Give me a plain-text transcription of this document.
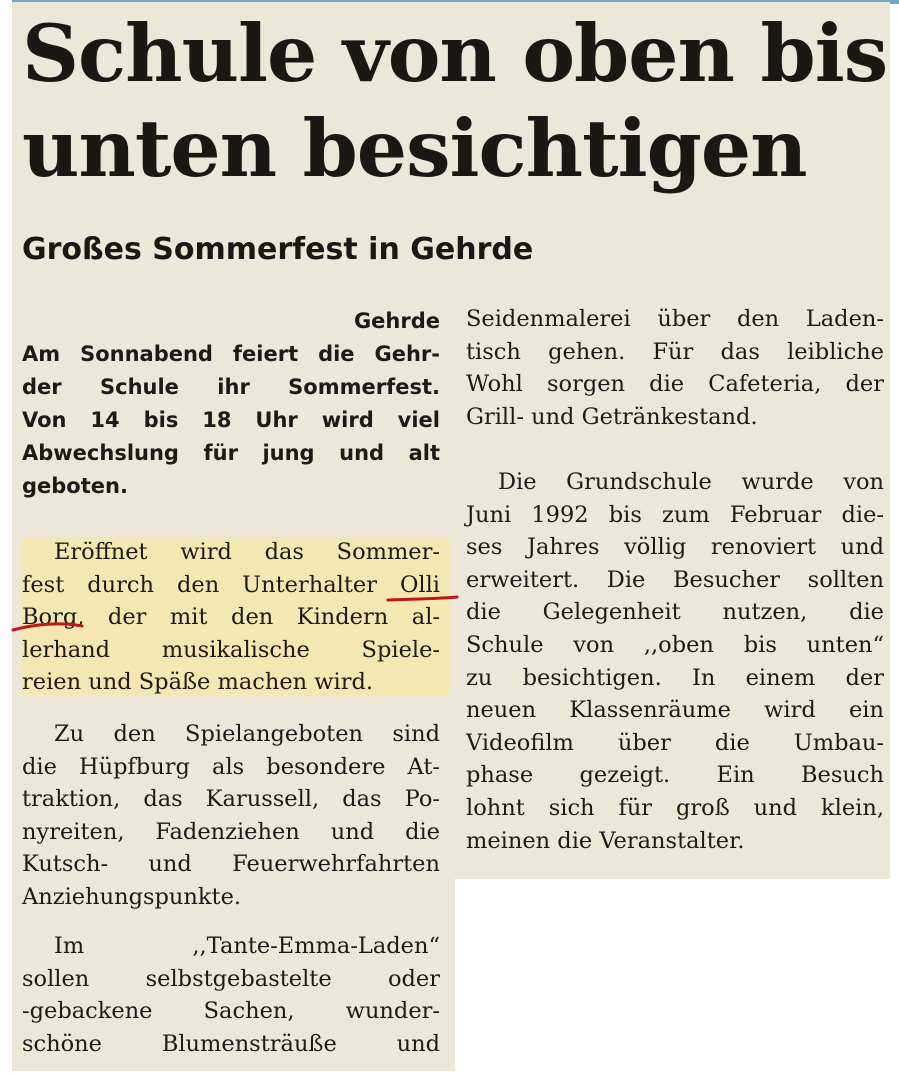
Schule von oben bis
unten besichtigen
Großes Sommerfest in Gehrde
Gehrde
Am Sonnabend feiert die Gehr-
der Schule ihr Sommerfest.
Von 14 bis 18 Uhr wird viel
Abwechslung für jung und alt
geboten.
Eröffnet wird das Sommer-
fest durch den Unterhalter Olli
Borg, der mit den Kindern al-
lerhand musikalische Spiele-
reien und Späße machen wird.
Zu den Spielangeboten sind
die Hüpfburg als besondere At-
traktion, das Karussell, das Po-
nyreiten, Fadenziehen und die
Kutsch- und Feuerwehrfahrten
Anziehungspunkte.
Im ,,Tante-Emma-Laden“
sollen selbstgebastelte oder
-gebackene Sachen, wunder-
schöne Blumensträuße und
Seidenmalerei über den Laden-
tisch gehen. Für das leibliche
Wohl sorgen die Cafeteria, der
Grill- und Getränkestand.
Die Grundschule wurde von
Juni 1992 bis zum Februar die-
ses Jahres völlig renoviert und
erweitert. Die Besucher sollten
die Gelegenheit nutzen, die
Schule von ,,oben bis unten“
zu besichtigen. In einem der
neuen Klassenräume wird ein
Videofilm über die Umbau-
phase gezeigt. Ein Besuch
lohnt sich für groß und klein,
meinen die Veranstalter.
